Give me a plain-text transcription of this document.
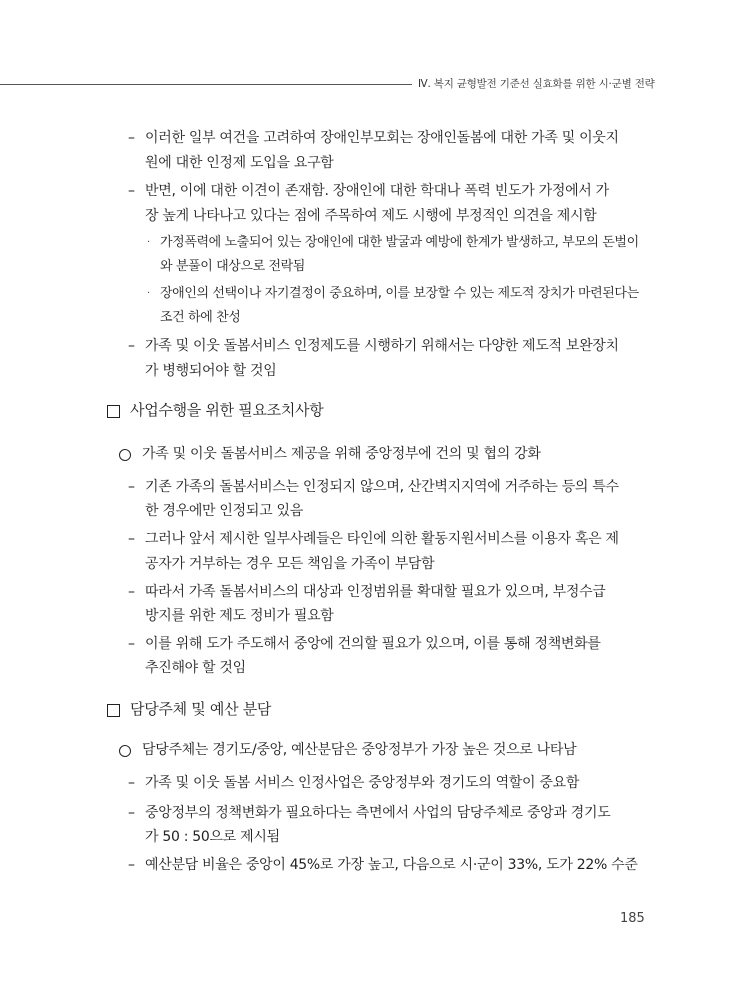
Ⅳ. 복지 균형발전 기준선 실효화를 위한 시·군별 전략
– 이러한 일부 여건을 고려하여 장애인부모회는 장애인돌봄에 대한 가족 및 이웃지
원에 대한 인정제 도입을 요구함
– 반면, 이에 대한 이견이 존재함. 장애인에 대한 학대나 폭력 빈도가 가정에서 가
장 높게 나타나고 있다는 점에 주목하여 제도 시행에 부정적인 의견을 제시함
· 가정폭력에 노출되어 있는 장애인에 대한 발굴과 예방에 한계가 발생하고, 부모의 돈벌이
와 분풀이 대상으로 전락됨
· 장애인의 선택이나 자기결정이 중요하며, 이를 보장할 수 있는 제도적 장치가 마련된다는
조건 하에 찬성
– 가족 및 이웃 돌봄서비스 인정제도를 시행하기 위해서는 다양한 제도적 보완장치
가 병행되어야 할 것임
사업수행을 위한 필요조치사항
가족 및 이웃 돌봄서비스 제공을 위해 중앙정부에 건의 및 협의 강화
– 기존 가족의 돌봄서비스는 인정되지 않으며, 산간벽지지역에 거주하는 등의 특수
한 경우에만 인정되고 있음
– 그러나 앞서 제시한 일부사례들은 타인에 의한 활동지원서비스를 이용자 혹은 제
공자가 거부하는 경우 모든 책임을 가족이 부담함
– 따라서 가족 돌봄서비스의 대상과 인정범위를 확대할 필요가 있으며, 부정수급
방지를 위한 제도 정비가 필요함
– 이를 위해 도가 주도해서 중앙에 건의할 필요가 있으며, 이를 통해 정책변화를
추진해야 할 것임
담당주체 및 예산 분담
담당주체는 경기도/중앙, 예산분담은 중앙정부가 가장 높은 것으로 나타남
– 가족 및 이웃 돌봄 서비스 인정사업은 중앙정부와 경기도의 역할이 중요함
– 중앙정부의 정책변화가 필요하다는 측면에서 사업의 담당주체로 중앙과 경기도
가 50 : 50으로 제시됨
– 예산분담 비율은 중앙이 45%로 가장 높고, 다음으로 시·군이 33%, 도가 22% 수준
185
